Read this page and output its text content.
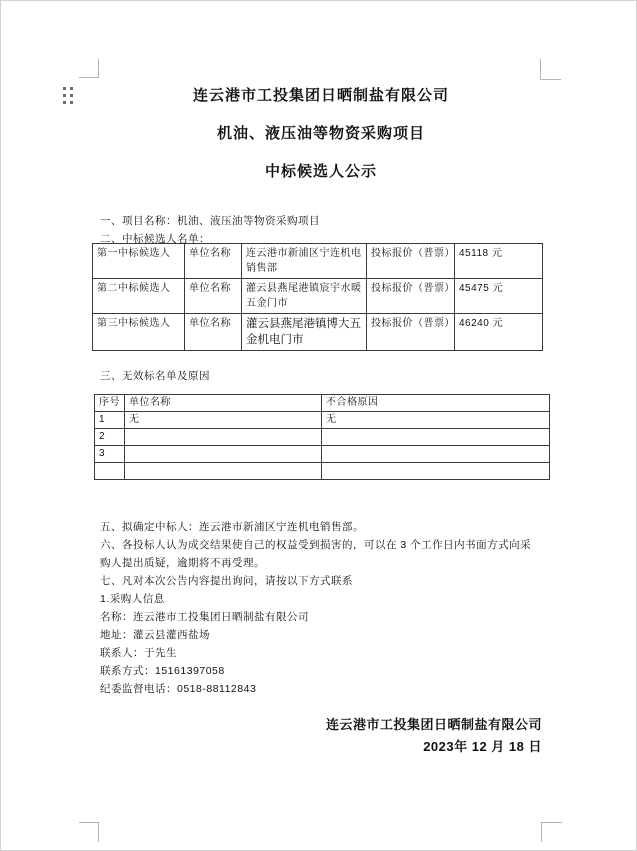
连云港市工投集团日晒制盐有限公司
机油、液压油等物资采购项目
中标候选人公示
一、项目名称：机油、液压油等物资采购项目
二、中标候选人名单：
第一中标候选人	单位名称	连云港市新浦区宁连机电销售部	投标报价（普票）	45118 元
第二中标候选人	单位名称	灌云县燕尾港镇宸宇水暖五金门市	投标报价（普票）	45475 元
第三中标候选人	单位名称	灌云县燕尾港镇博大五金机电门市	投标报价（普票）	46240 元
三、无效标名单及原因
序号	单位名称	不合格原因
1	无	无
2		
3		

五、拟确定中标人：连云港市新浦区宁连机电销售部。
六、各投标人认为成交结果使自己的权益受到损害的，可以在 3 个工作日内书面方式向采购人提出质疑，逾期将不再受理。
七、凡对本次公告内容提出询问，请按以下方式联系
1.采购人信息
名称：连云港市工投集团日晒制盐有限公司
地址：灌云县灌西盐场
联系人：于先生
联系方式：15161397058
纪委监督电话：0518-88112843
连云港市工投集团日晒制盐有限公司
2023年 12 月 18 日
